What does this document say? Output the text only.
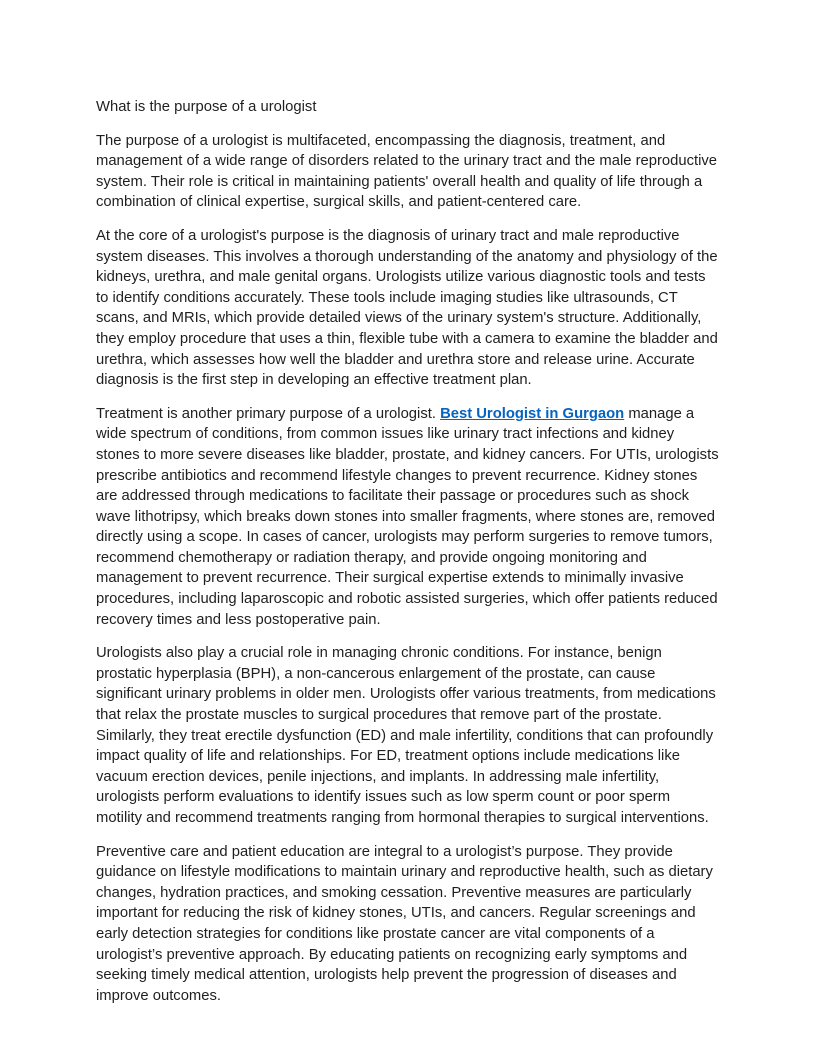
What is the purpose of a urologist

The purpose of a urologist is multifaceted, encompassing the diagnosis, treatment, and management of a wide range of disorders related to the urinary tract and the male reproductive system. Their role is critical in maintaining patients' overall health and quality of life through a combination of clinical expertise, surgical skills, and patient-centered care.

At the core of a urologist's purpose is the diagnosis of urinary tract and male reproductive system diseases. This involves a thorough understanding of the anatomy and physiology of the kidneys, urethra, and male genital organs. Urologists utilize various diagnostic tools and tests to identify conditions accurately. These tools include imaging studies like ultrasounds, CT scans, and MRIs, which provide detailed views of the urinary system's structure. Additionally, they employ procedure that uses a thin, flexible tube with a camera to examine the bladder and urethra, which assesses how well the bladder and urethra store and release urine. Accurate diagnosis is the first step in developing an effective treatment plan.

Treatment is another primary purpose of a urologist. Best Urologist in Gurgaon manage a wide spectrum of conditions, from common issues like urinary tract infections and kidney stones to more severe diseases like bladder, prostate, and kidney cancers. For UTIs, urologists prescribe antibiotics and recommend lifestyle changes to prevent recurrence. Kidney stones are addressed through medications to facilitate their passage or procedures such as shock wave lithotripsy, which breaks down stones into smaller fragments, where stones are, removed directly using a scope. In cases of cancer, urologists may perform surgeries to remove tumors, recommend chemotherapy or radiation therapy, and provide ongoing monitoring and management to prevent recurrence. Their surgical expertise extends to minimally invasive procedures, including laparoscopic and robotic assisted surgeries, which offer patients reduced recovery times and less postoperative pain.

Urologists also play a crucial role in managing chronic conditions. For instance, benign prostatic hyperplasia (BPH), a non-cancerous enlargement of the prostate, can cause significant urinary problems in older men. Urologists offer various treatments, from medications that relax the prostate muscles to surgical procedures that remove part of the prostate. Similarly, they treat erectile dysfunction (ED) and male infertility, conditions that can profoundly impact quality of life and relationships. For ED, treatment options include medications like vacuum erection devices, penile injections, and implants. In addressing male infertility, urologists perform evaluations to identify issues such as low sperm count or poor sperm motility and recommend treatments ranging from hormonal therapies to surgical interventions.

Preventive care and patient education are integral to a urologist’s purpose. They provide guidance on lifestyle modifications to maintain urinary and reproductive health, such as dietary changes, hydration practices, and smoking cessation. Preventive measures are particularly important for reducing the risk of kidney stones, UTIs, and cancers. Regular screenings and early detection strategies for conditions like prostate cancer are vital components of a urologist’s preventive approach. By educating patients on recognizing early symptoms and seeking timely medical attention, urologists help prevent the progression of diseases and improve outcomes.
